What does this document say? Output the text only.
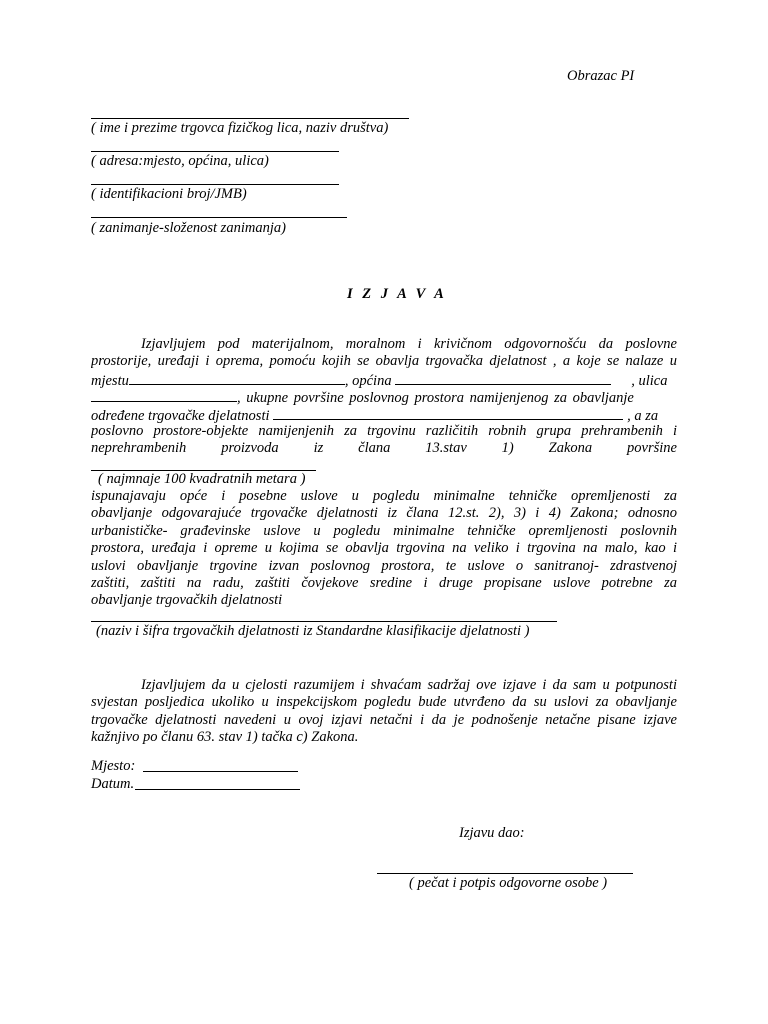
Obrazac PI
( ime i prezime trgovca fizičkog lica, naziv društva)
( adresa:mjesto, općina, ulica)
( identifikacioni broj/JMB)
( zanimanje-složenost zanimanja)
I Z J A V A
Izjavljujem pod materijalnom, moralnom i krivičnom odgovornošću da poslovne
prostorije, uređaji i oprema, pomoću kojih se obavlja trgovačka djelatnost , a koje se nalaze u
mjestu	, općina	, ulica
, ukupne površine poslovnog prostora namijenjenog za obavljanje
određene trgovačke djelatnosti	, a za
poslovno prostore-objekte namijenjenih za trgovinu različitih robnih grupa prehrambenih i
neprehrambenih proizvoda iz člana 13.stav 1) Zakona površine
( najmnaje 100 kvadratnih metara )
ispunajavaju opće i posebne uslove u pogledu minimalne tehničke opremljenosti za
obavljanje odgovarajuće trgovačke djelatnosti iz člana 12.st. 2), 3) i 4) Zakona; odnosno
urbanističke- građevinske uslove u pogledu minimalne tehničke opremljenosti poslovnih
prostora, uređaja i opreme u kojima se obavlja trgovina na veliko i trgovina na malo, kao i
uslovi obavljanje trgovine izvan poslovnog prostora, te uslove o sanitranoj- zdrastvenoj
zaštiti, zaštiti na radu, zaštiti čovjekove sredine i druge propisane uslove potrebne za
obavljanje trgovačkih djelatnosti
(naziv i šifra trgovačkih djelatnosti iz Standardne klasifikacije djelatnosti )
Izjavljujem da u cjelosti razumijem i shvaćam sadržaj ove izjave i da sam u potpunosti
svjestan posljedica ukoliko u inspekcijskom pogledu bude utvrđeno da su uslovi za obavljanje
trgovačke djelatnosti navedeni u ovoj izjavi netačni i da je podnošenje netačne pisane izjave
kažnjivo po članu 63. stav 1) tačka c) Zakona.
Mjesto:
Datum.
Izjavu dao:
( pečat i potpis odgovorne osobe )
